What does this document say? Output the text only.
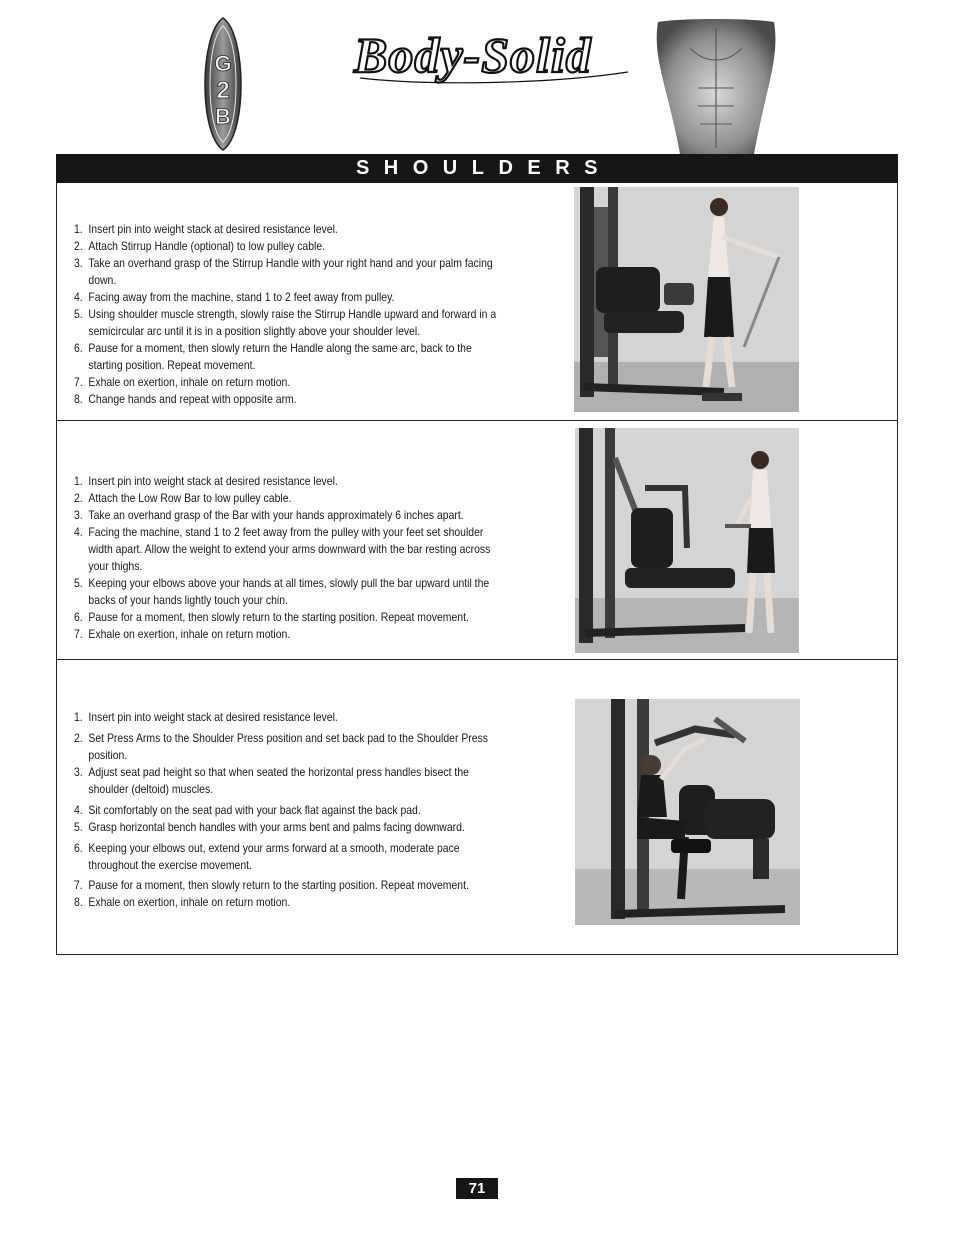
G
2
B
Body-Solid
SHOULDERS
1. Insert pin into weight stack at desired resistance level.
2. Attach Stirrup Handle (optional) to low pulley cable.
3. Take an overhand grasp of the Stirrup Handle with your right hand and your palm facing down.
4. Facing away from the machine, stand 1 to 2 feet away from pulley.
5. Using shoulder muscle strength, slowly raise the Stirrup Handle upward and forward in a semicircular arc until it is in a position slightly above your shoulder level.
6. Pause for a moment, then slowly return the Handle along the same arc, back to the starting position. Repeat movement.
7. Exhale on exertion, inhale on return motion.
8. Change hands and repeat with opposite arm.
1. Insert pin into weight stack at desired resistance level.
2. Attach the Low Row Bar to low pulley cable.
3. Take an overhand grasp of the Bar with your hands approximately 6 inches apart.
4. Facing the machine, stand 1 to 2 feet away from the pulley with your feet set shoulder width apart. Allow the weight to extend your arms downward with the bar resting across your thighs.
5. Keeping your elbows above your hands at all times, slowly pull the bar upward until the backs of your hands lightly touch your chin.
6. Pause for a moment, then slowly return to the starting position. Repeat movement.
7. Exhale on exertion, inhale on return motion.
1. Insert pin into weight stack at desired resistance level.
2. Set Press Arms to the Shoulder Press position and set back pad to the Shoulder Press position.
3. Adjust seat pad height so that when seated the horizontal press handles bisect the shoulder (deltoid) muscles.
4. Sit comfortably on the seat pad with your back flat against the back pad.
5. Grasp horizontal bench handles with your arms bent and palms facing downward.
6. Keeping your elbows out, extend your arms forward at a smooth, moderate pace throughout the exercise movement.
7. Pause for a moment, then slowly return to the starting position. Repeat movement.
8. Exhale on exertion, inhale on return motion.
71
